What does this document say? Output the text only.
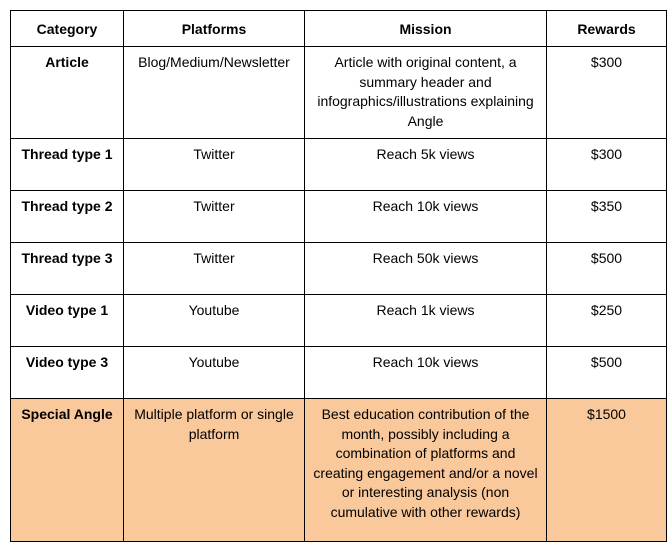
Category	Platforms	Mission	Rewards
Article	Blog/Medium/Newsletter	Article with original content, a summary header and infographics/illustrations explaining Angle	$300
Thread type 1	Twitter	Reach 5k views	$300
Thread type 2	Twitter	Reach 10k views	$350
Thread type 3	Twitter	Reach 50k views	$500
Video type 1	Youtube	Reach 1k views	$250
Video type 3	Youtube	Reach 10k views	$500
Special Angle	Multiple platform or single platform	Best education contribution of the month, possibly including a combination of platforms and creating engagement and/or a novel or interesting analysis (non cumulative with other rewards)	$1500
